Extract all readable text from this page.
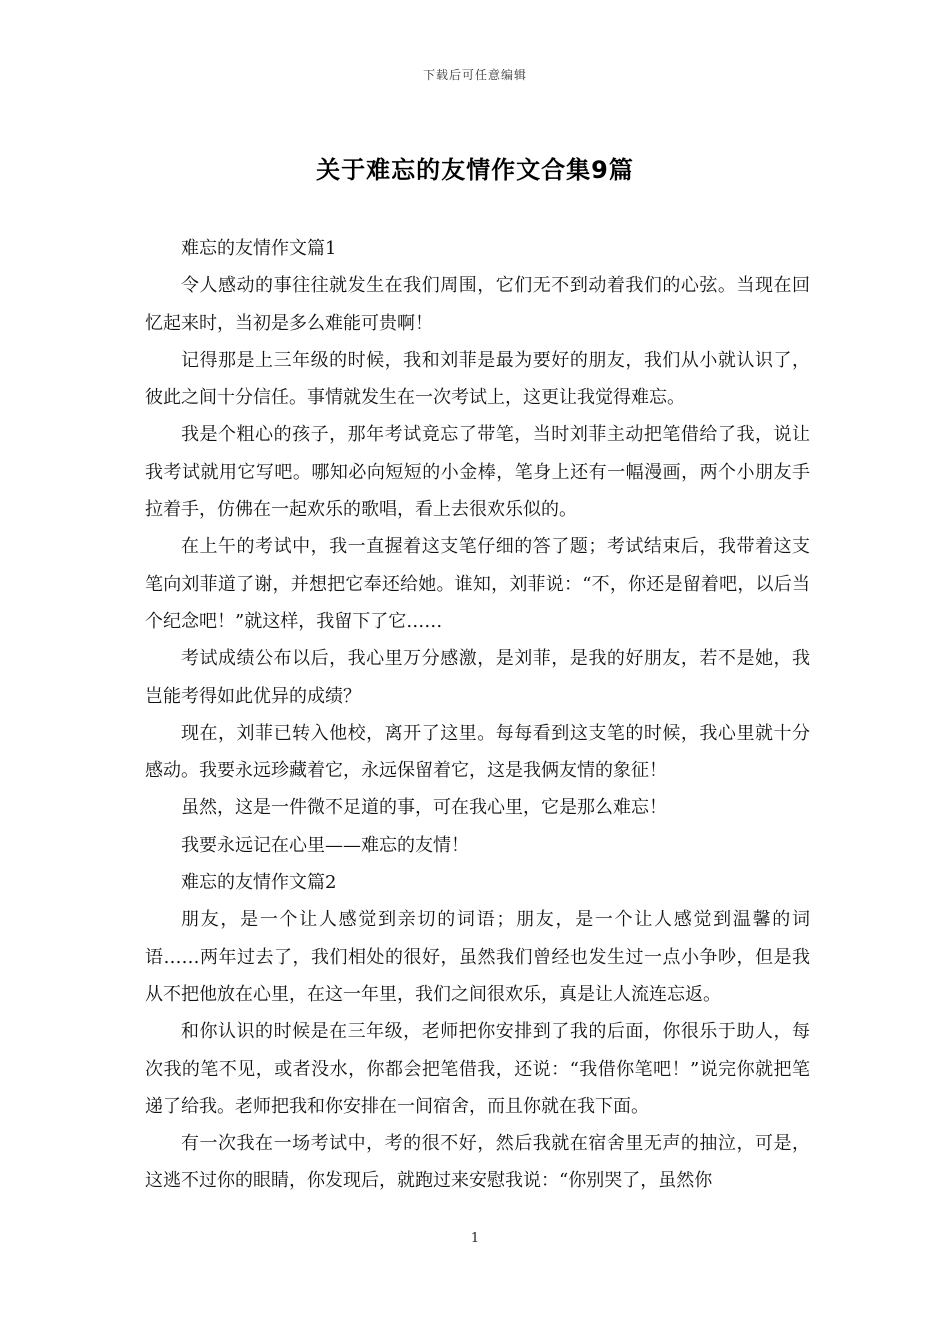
下载后可任意编辑
关于难忘的友情作文合集9篇

难忘的友情作文篇1

令人感动的事往往就发生在我们周围，它们无不到动着我们的心弦。当现在回忆起来时，当初是多么难能可贵啊！

记得那是上三年级的时候，我和刘菲是最为要好的朋友，我们从小就认识了，彼此之间十分信任。事情就发生在一次考试上，这更让我觉得难忘。

我是个粗心的孩子，那年考试竟忘了带笔，当时刘菲主动把笔借给了我，说让我考试就用它写吧。哪知必向短短的小金棒，笔身上还有一幅漫画，两个小朋友手拉着手，仿佛在一起欢乐的歌唱，看上去很欢乐似的。

在上午的考试中，我一直握着这支笔仔细的答了题；考试结束后，我带着这支笔向刘菲道了谢，并想把它奉还给她。谁知，刘菲说：“不，你还是留着吧，以后当个纪念吧！”就这样，我留下了它……

考试成绩公布以后，我心里万分感激，是刘菲，是我的好朋友，若不是她，我岂能考得如此优异的成绩？

现在，刘菲已转入他校，离开了这里。每每看到这支笔的时候，我心里就十分感动。我要永远珍藏着它，永远保留着它，这是我俩友情的象征！

虽然，这是一件微不足道的事，可在我心里，它是那么难忘！

我要永远记在心里——难忘的友情！

难忘的友情作文篇2

朋友，是一个让人感觉到亲切的词语；朋友，是一个让人感觉到温馨的词语……两年过去了，我们相处的很好，虽然我们曾经也发生过一点小争吵，但是我从不把他放在心里，在这一年里，我们之间很欢乐，真是让人流连忘返。

和你认识的时候是在三年级，老师把你安排到了我的后面，你很乐于助人，每次我的笔不见，或者没水，你都会把笔借我，还说：“我借你笔吧！”说完你就把笔递了给我。老师把我和你安排在一间宿舍，而且你就在我下面。

有一次我在一场考试中，考的很不好，然后我就在宿舍里无声的抽泣，可是，这逃不过你的眼睛，你发现后，就跑过来安慰我说：“你别哭了，虽然你

1
